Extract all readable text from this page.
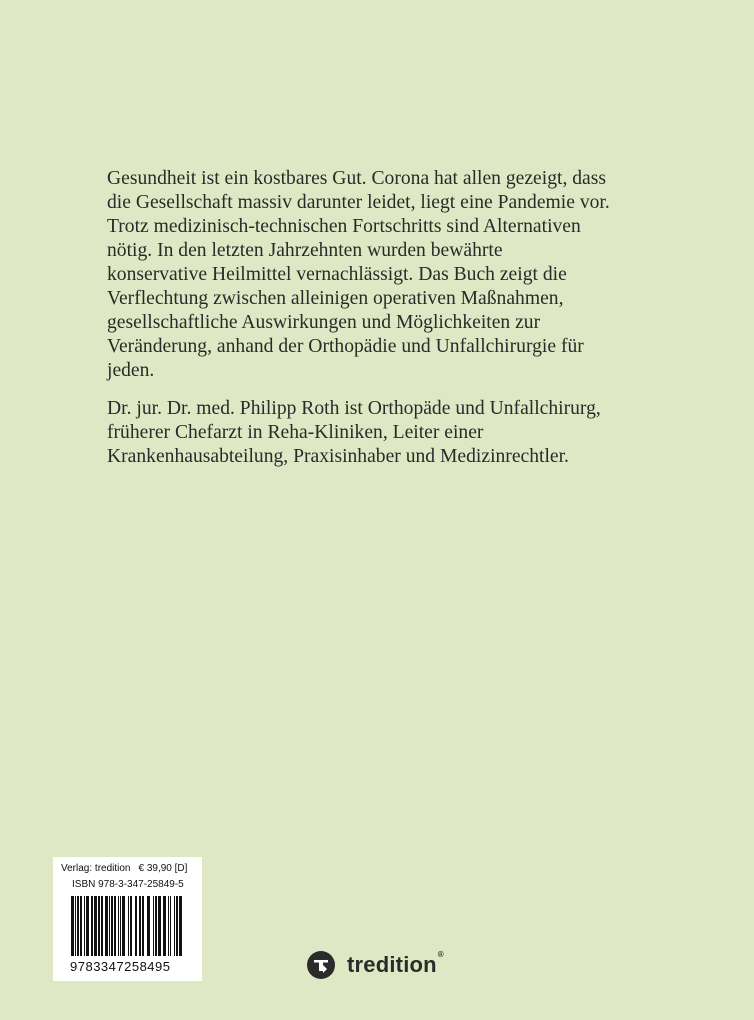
Gesundheit ist ein kostbares Gut. Corona hat allen gezeigt, dass
die Gesellschaft massiv darunter leidet, liegt eine Pandemie vor.
Trotz medizinisch-technischen Fortschritts sind Alternativen
nötig. In den letzten Jahrzehnten wurden bewährte
konservative Heilmittel vernachlässigt. Das Buch zeigt die
Verflechtung zwischen alleinigen operativen Maßnahmen,
gesellschaftliche Auswirkungen und Möglichkeiten zur
Veränderung, anhand der Orthopädie und Unfallchirurgie für
jeden.
Dr. jur. Dr. med. Philipp Roth ist Orthopäde und Unfallchirurg,
früherer Chefarzt in Reha-Kliniken, Leiter einer
Krankenhausabteilung, Praxisinhaber und Medizinrechtler.
Verlag: tredition € 39,90 [D]
ISBN 978-3-347-25849-5
9783347258495	tredition®
